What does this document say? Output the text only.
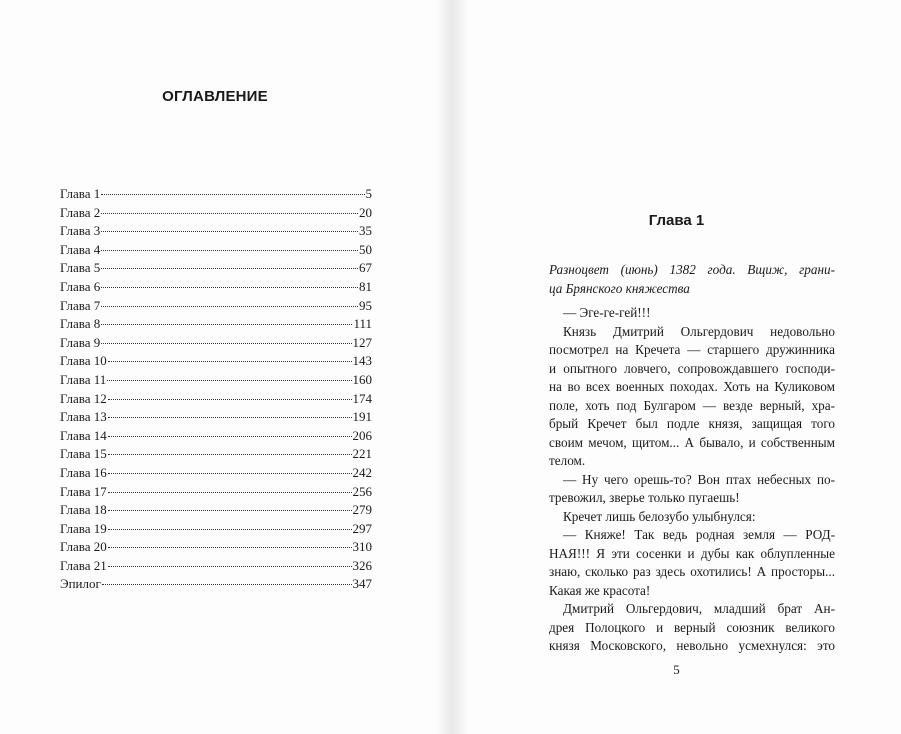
ОГЛАВЛЕНИЕ
Глава 1	5
Глава 2	20
Глава 3	35
Глава 4	50
Глава 5	67
Глава 6	81
Глава 7	95
Глава 8	111
Глава 9	127
Глава 10	143
Глава 11	160
Глава 12	174
Глава 13	191
Глава 14	206
Глава 15	221
Глава 16	242
Глава 17	256
Глава 18	279
Глава 19	297
Глава 20	310
Глава 21	326
Эпилог	347
Глава 1
Разноцвет (июнь) 1382 года. Вщиж, грани-
ца Брянского княжества
— Эге-ге-гей!!!
Князь Дмитрий Ольгердович недовольно
посмотрел на Кречета — старшего дружинника
и опытного ловчего, сопровождавшего господи-
на во всех военных походах. Хоть на Куликовом
поле, хоть под Булгаром — везде верный, хра-
брый Кречет был подле князя, защищая того
своим мечом, щитом... А бывало, и собственным
телом.
— Ну чего орешь-то? Вон птах небесных по-
тревожил, зверье только пугаешь!
Кречет лишь белозубо улыбнулся:
— Княже! Так ведь родная земля — РОД-
НАЯ!!! Я эти сосенки и дубы как облупленные
знаю, сколько раз здесь охотились! А просторы...
Какая же красота!
Дмитрий Ольгердович, младший брат Ан-
дрея Полоцкого и верный союзник великого
князя Московского, невольно усмехнулся: это
5
